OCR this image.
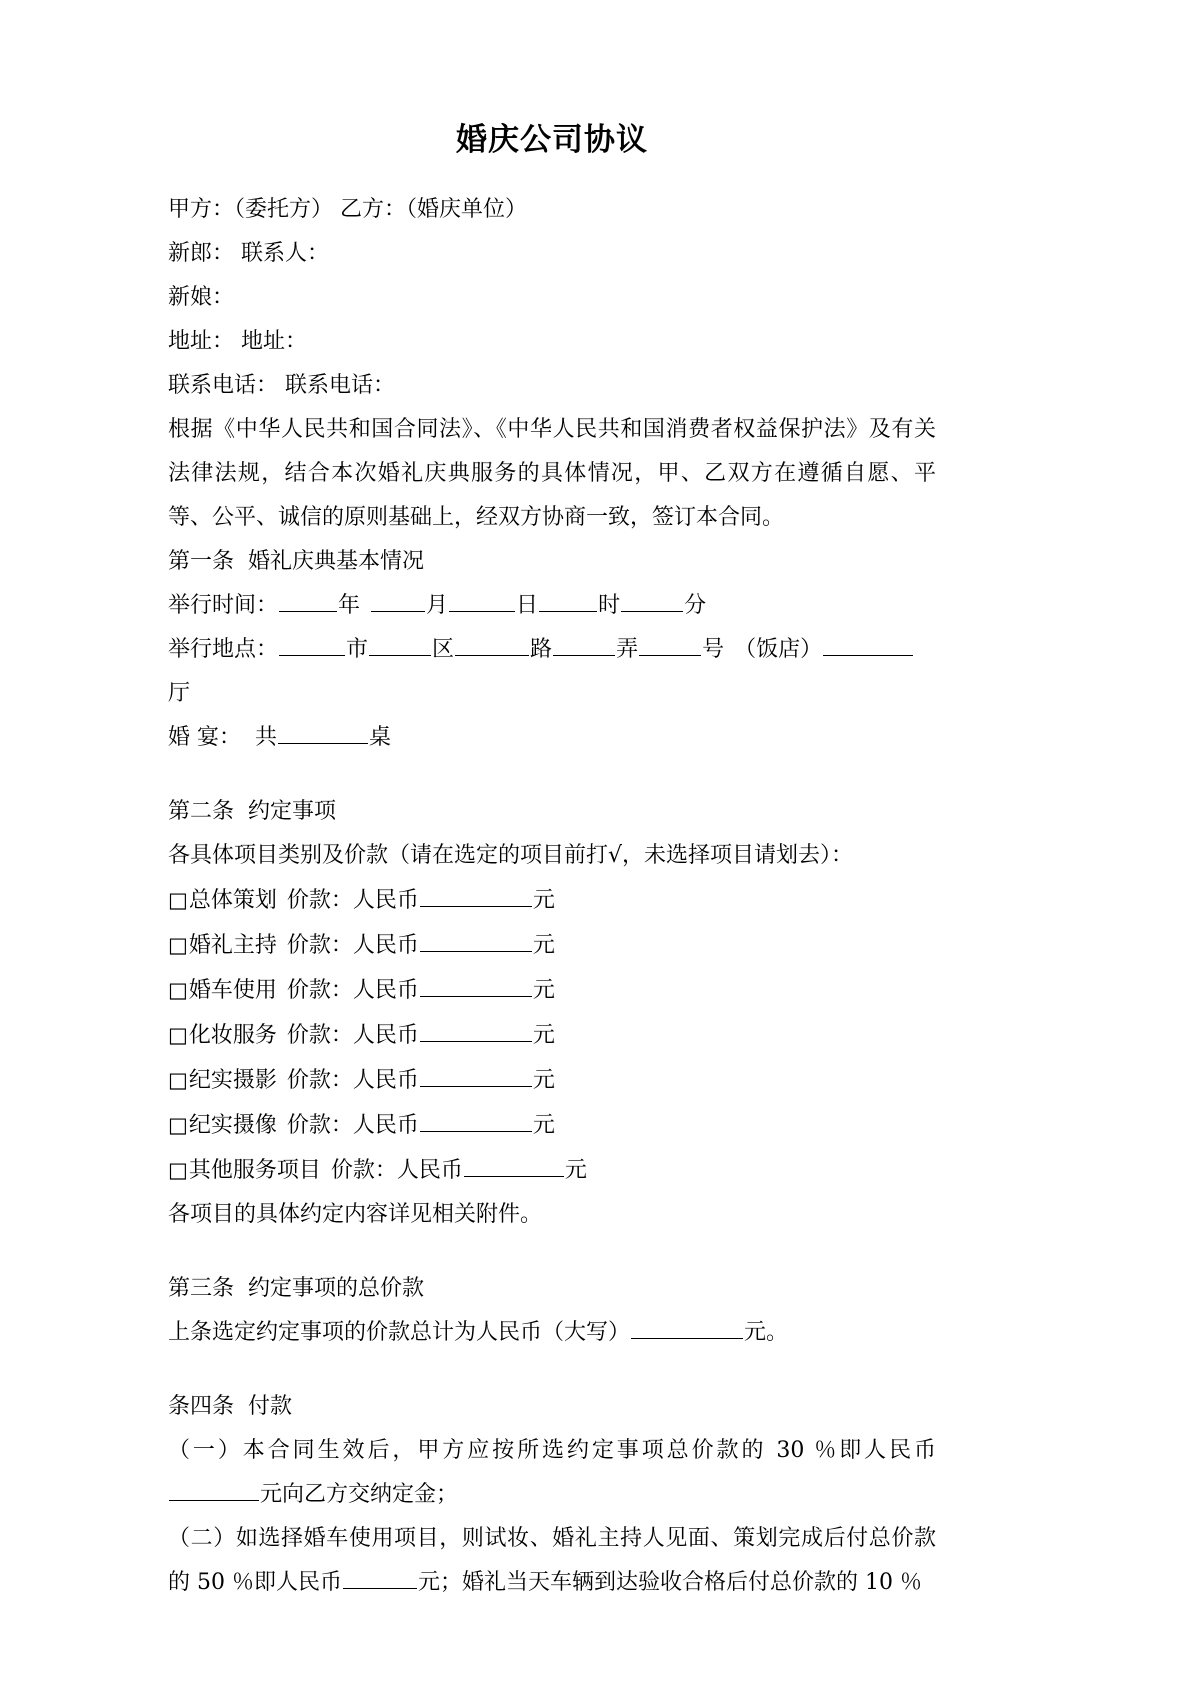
婚庆公司协议

甲方：（委托方） 乙方：（婚庆单位）

新郎： 联系人：

新娘：

地址： 地址：

联系电话： 联系电话：

根据《中华人民共和国合同法》、《中华人民共和国消费者权益保护法》及有关法律法规，结合本次婚礼庆典服务的具体情况，甲、乙双方在遵循自愿、平等、公平、诚信的原则基础上，经双方协商一致，签订本合同。

第一条  婚礼庆典基本情况

举行时间：	年	月	日	时	分

举行地点：	市	区	路	弄	号 （饭店）

厅

婚 宴：  共	桌

第二条  约定事项

各具体项目类别及价款（请在选定的项目前打√，未选择项目请划去）：

□总体策划 价款：人民币	元

□婚礼主持 价款：人民币	元

□婚车使用 价款：人民币	元

□化妆服务 价款：人民币	元

□纪实摄影 价款：人民币	元

□纪实摄像 价款：人民币	元

□其他服务项目 价款：人民币	元

各项目的具体约定内容详见相关附件。

第三条  约定事项的总价款

上条选定约定事项的价款总计为人民币（大写）	元。

条四条  付款

（一）本合同生效后，甲方应按所选约定事项总价款的 30 ％即人民币元向乙方交纳定金；

（二）如选择婚车使用项目，则试妆、婚礼主持人见面、策划完成后付总价款的 50 ％即人民币	元；婚礼当天车辆到达验收合格后付总价款的 10 ％
